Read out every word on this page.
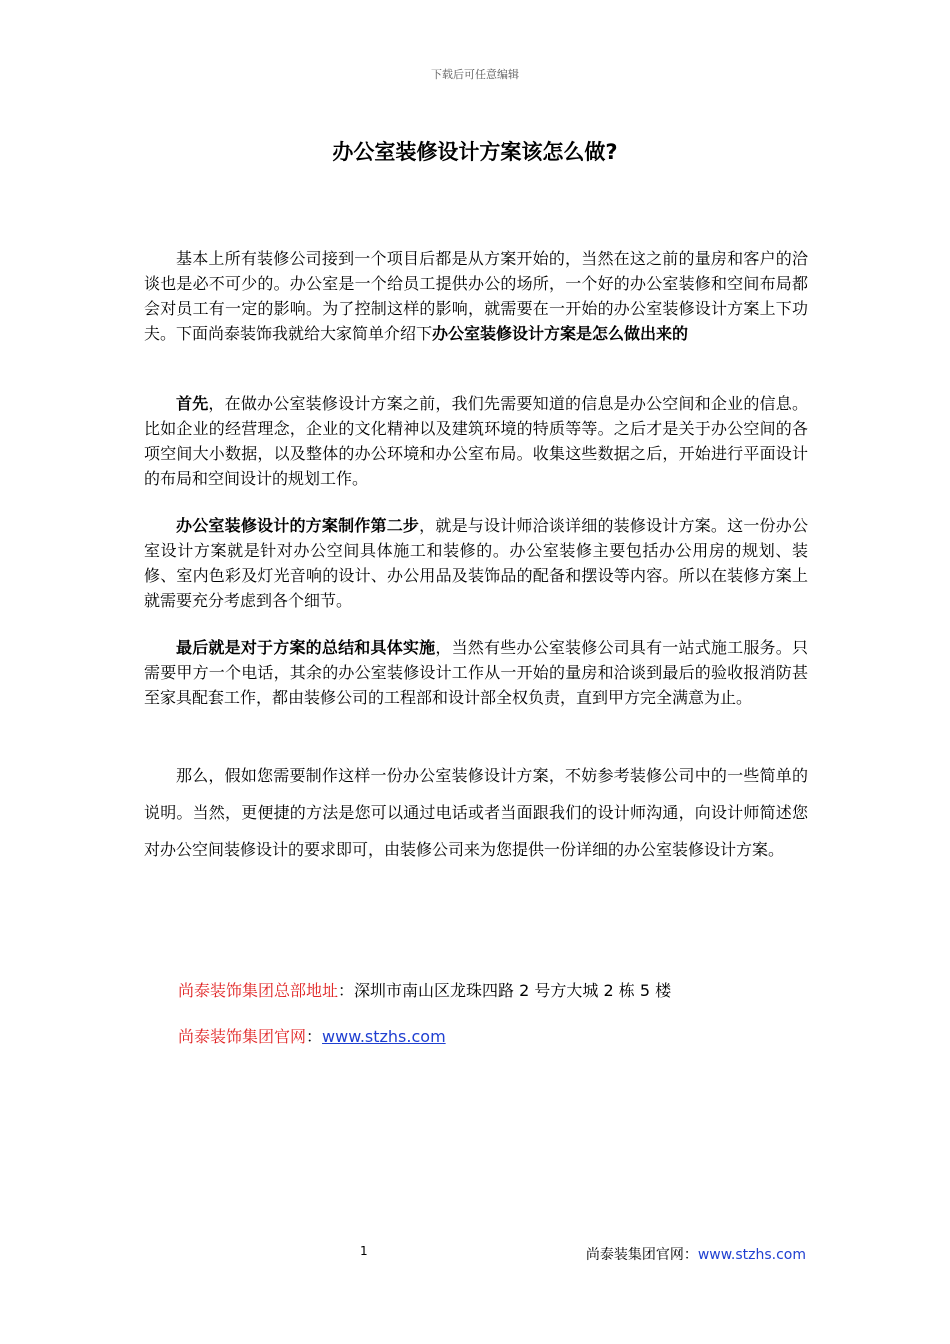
下载后可任意编辑
办公室装修设计方案该怎么做?

基本上所有装修公司接到一个项目后都是从方案开始的，当然在这之前的量房和客户的洽谈也是必不可少的。办公室是一个给员工提供办公的场所，一个好的办公室装修和空间布局都会对员工有一定的影响。为了控制这样的影响，就需要在一开始的办公室装修设计方案上下功夫。下面尚泰装饰我就给大家简单介绍下办公室装修设计方案是怎么做出来的

首先，在做办公室装修设计方案之前，我们先需要知道的信息是办公空间和企业的信息。比如企业的经营理念，企业的文化精神以及建筑环境的特质等等。之后才是关于办公空间的各项空间大小数据，以及整体的办公环境和办公室布局。收集这些数据之后，开始进行平面设计的布局和空间设计的规划工作。

办公室装修设计的方案制作第二步，就是与设计师洽谈详细的装修设计方案。这一份办公室设计方案就是针对办公空间具体施工和装修的。办公室装修主要包括办公用房的规划、装修、室内色彩及灯光音响的设计、办公用品及装饰品的配备和摆设等内容。所以在装修方案上就需要充分考虑到各个细节。

最后就是对于方案的总结和具体实施，当然有些办公室装修公司具有一站式施工服务。只需要甲方一个电话，其余的办公室装修设计工作从一开始的量房和洽谈到最后的验收报消防甚至家具配套工作，都由装修公司的工程部和设计部全权负责，直到甲方完全满意为止。

那么，假如您需要制作这样一份办公室装修设计方案，不妨参考装修公司中的一些简单的说明。当然，更便捷的方法是您可以通过电话或者当面跟我们的设计师沟通，向设计师简述您对办公空间装修设计的要求即可，由装修公司来为您提供一份详细的办公室装修设计方案。

尚泰装饰集团总部地址：深圳市南山区龙珠四路 2 号方大城 2 栋 5 楼
尚泰装饰集团官网：www.stzhs.com
1	尚泰装集团官网：www.stzhs.com
